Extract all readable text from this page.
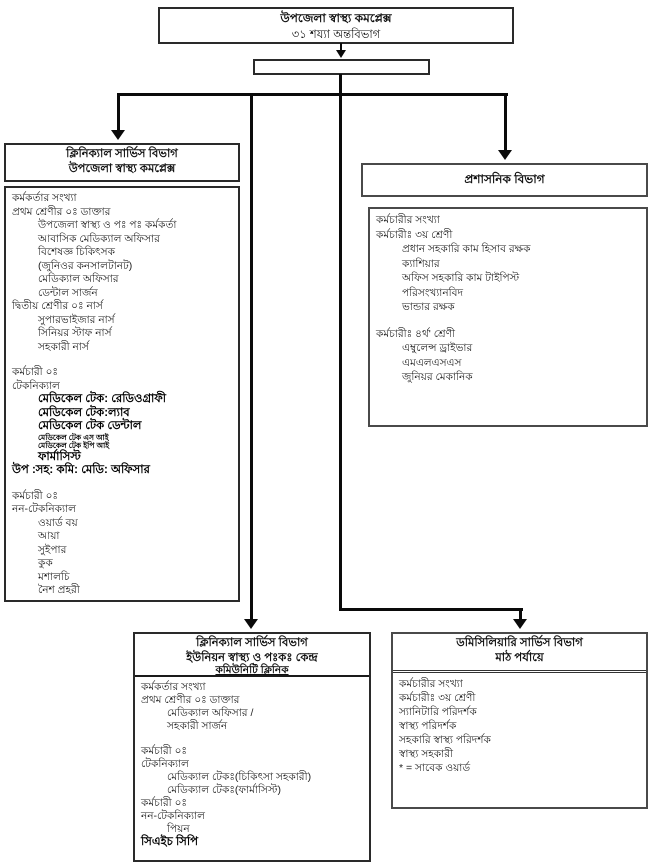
উপজেলা স্বাস্থ্য কমপ্লেক্স
৩১ শয্যা অন্তবিভাগ
ক্লিনিক্যাল সার্ভিস বিভাগ
উপজেলা স্বাস্থ্য কমপ্লেক্স
কর্মকর্তার সংখ্যা
প্রথম শ্রেণীর ০ঃ ডাক্তার
উপজেলা স্বাস্থ্য ও পঃ পঃ কর্মকর্তা
আবাসিক মেডিক্যাল অফিসার
বিশেষজ্ঞ চিকিৎসক
(জুনিওর কনসালটানট)
মেডিক্যাল অফিসার
ডেন্টাল সার্জন
দ্বিতীয় শ্রেণীর ০ঃ নার্স
সুপারভাইজার নার্স
সিনিয়র স্টাফ নার্স
সহকারী নার্স
কর্মচারী ০ঃ
টেকনিক্যাল
মেডিকেল টেক: রেডিওগ্রাফী
মেডিকেল টেক:ল্যাব
মেডিকেল টেক ডেন্টাল
মেডিকেল টেক এস আই
মেডিকেল টেক ইপি আই
ফার্মাসিস্ট
উপ :সহ: কমি: মেডি: অফিসার
কর্মচারী ০ঃ
নন-টেকনিক্যাল
ওয়ার্ড বয়
আয়া
সুইপার
কুক
মশালচি
নৈশ প্রহরী
প্রশাসনিক বিভাগ
কর্মচারীর সংখ্যা
কর্মচারীঃ ৩য় শ্রেণী
প্রধান সহকারি কাম হিসাব রক্ষক
ক্যাশিয়ার
অফিস সহকারি কাম টাইপিস্ট
পরিসংখ্যানবিদ
ভান্ডার রক্ষক
কর্মচারীঃ ৪র্থ' শ্রেণী
এম্বুলেন্স ড্রাইভার
এমএলএসএস
জুনিয়র মেকানিক
ক্লিনিক্যাল সার্ভিস বিভাগ
ইউনিয়ন স্বাস্থ্য ও পঃকঃ কেন্দ্র
কমিউনিটি ক্লিনিক
কর্মকর্তার সংখ্যা
প্রথম শ্রেণীর ০ঃ ডাক্তার
মেডিক্যাল অফিসার /
সহকারী সার্জন
কর্মচারী ০ঃ
টেকনিক্যাল
মেডিক্যাল টেকঃ(চিকিৎসা সহকারী)
মেডিক্যাল টেকঃ(ফার্মাসিস্ট)
কর্মচারী ০ঃ
নন-টেকনিক্যাল
পিয়ন
সিএইচ সিপি
ডমিসিলিয়ারি সার্ভিস বিভাগ
মাঠ পর্যায়ে
কর্মচারীর সংখ্যা
কর্মচারীঃ ৩য় শ্রেণী
স্যানিটারি পরিদর্শক
স্বাস্থ্য পরিদর্শক
সহকারি স্বাস্থ্য পরিদর্শক
স্বাস্থ্য সহকারী
* = সাবেক ওয়ার্ড
